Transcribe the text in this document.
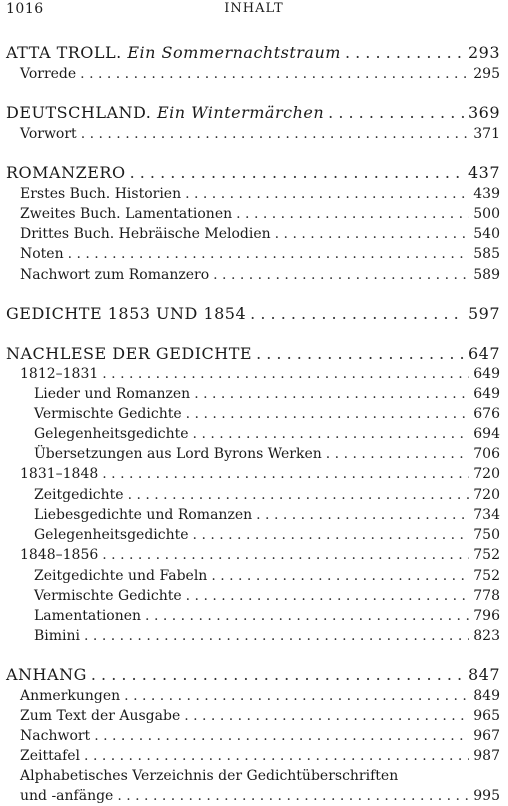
1016	INHALT
ATTA TROLL. Ein Sommernachtstraum . . .	293
Vorrede . . .	295
DEUTSCHLAND. Ein Wintermärchen . . .	369
Vorwort . . .	371
ROMANZERO . . .	437
Erstes Buch. Historien . . .	439
Zweites Buch. Lamentationen . . .	500
Drittes Buch. Hebräische Melodien . . .	540
Noten . . .	585
Nachwort zum Romanzero . . .	589
GEDICHTE 1853 UND 1854 . . .	597
NACHLESE DER GEDICHTE . . .	647
1812–1831 . . .	649
Lieder und Romanzen . . .	649
Vermischte Gedichte . . .	676
Gelegenheitsgedichte . . .	694
Übersetzungen aus Lord Byrons Werken . . .	706
1831–1848 . . .	720
Zeitgedichte . . .	720
Liebesgedichte und Romanzen . . .	734
Gelegenheitsgedichte . . .	750
1848–1856 . . .	752
Zeitgedichte und Fabeln . . .	752
Vermischte Gedichte . . .	778
Lamentationen . . .	796
Bimini . . .	823
ANHANG . . .	847
Anmerkungen . . .	849
Zum Text der Ausgabe . . .	965
Nachwort . . .	967
Zeittafel . . .	987
Alphabetisches Verzeichnis der Gedichtüberschriften
und -anfänge . . .	995
